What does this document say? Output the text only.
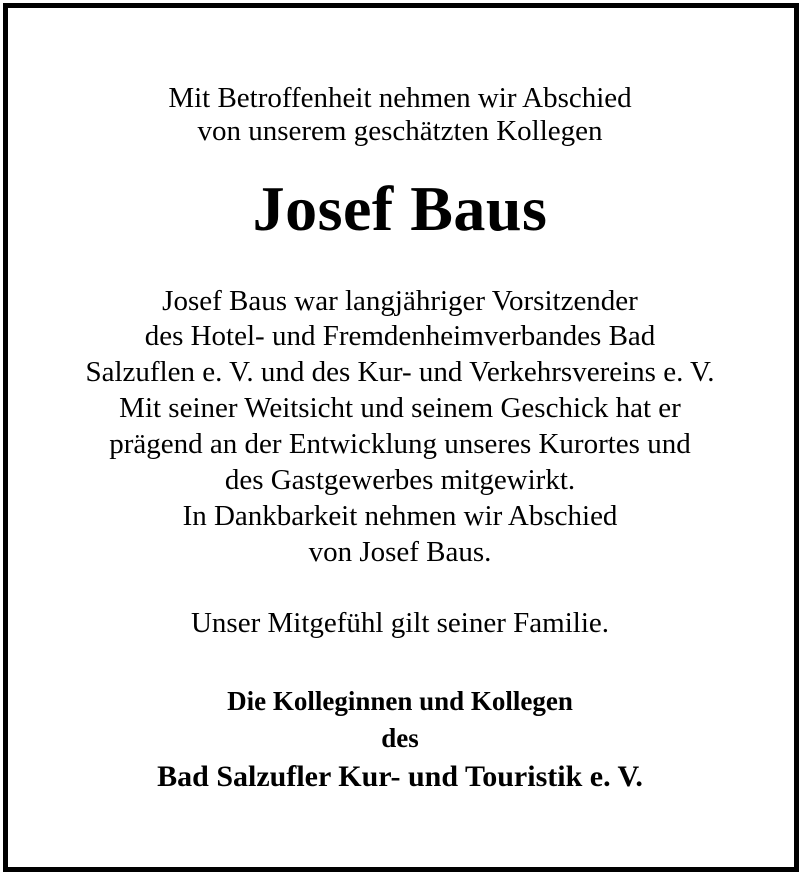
Mit Betroffenheit nehmen wir Abschied
von unserem geschätzten Kollegen
Josef Baus
Josef Baus war langjähriger Vorsitzender
des Hotel- und Fremdenheimverbandes Bad
Salzuflen e. V. und des Kur- und Verkehrsvereins e. V.
Mit seiner Weitsicht und seinem Geschick hat er
prägend an der Entwicklung unseres Kurortes und
des Gastgewerbes mitgewirkt.
In Dankbarkeit nehmen wir Abschied
von Josef Baus.
Unser Mitgefühl gilt seiner Familie.
Die Kolleginnen und Kollegen
des
Bad Salzufler Kur- und Touristik e. V.
